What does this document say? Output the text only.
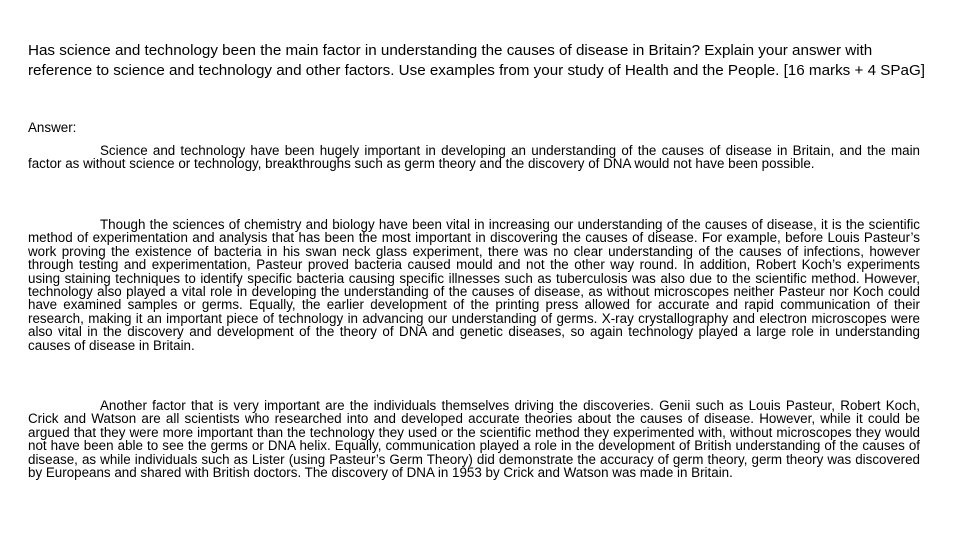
Has science and technology been the main factor in understanding the causes of disease in Britain? Explain your answer with reference to science and technology and other factors. Use examples from your study of Health and the People. [16 marks + 4 SPaG]

Answer:

Science and technology have been hugely important in developing an understanding of the causes of disease in Britain, and the main factor as without science or technology, breakthroughs such as germ theory and the discovery of DNA would not have been possible.

Though the sciences of chemistry and biology have been vital in increasing our understanding of the causes of disease, it is the scientific method of experimentation and analysis that has been the most important in discovering the causes of disease. For example, before Louis Pasteur’s work proving the existence of bacteria in his swan neck glass experiment, there was no clear understanding of the causes of infections, however through testing and experimentation, Pasteur proved bacteria caused mould and not the other way round. In addition, Robert Koch’s experiments using staining techniques to identify specific bacteria causing specific illnesses such as tuberculosis was also due to the scientific method. However, technology also played a vital role in developing the understanding of the causes of disease, as without microscopes neither Pasteur nor Koch could have examined samples or germs. Equally, the earlier development of the printing press allowed for accurate and rapid communication of their research, making it an important piece of technology in advancing our understanding of germs. X-ray crystallography and electron microscopes were also vital in the discovery and development of the theory of DNA and genetic diseases, so again technology played a large role in understanding causes of disease in Britain.

Another factor that is very important are the individuals themselves driving the discoveries. Genii such as Louis Pasteur, Robert Koch, Crick and Watson are all scientists who researched into and developed accurate theories about the causes of disease. However, while it could be argued that they were more important than the technology they used or the scientific method they experimented with, without microscopes they would not have been able to see the germs or DNA helix. Equally, communication played a role in the development of British understanding of the causes of disease, as while individuals such as Lister (using Pasteur’s Germ Theory) did demonstrate the accuracy of germ theory, germ theory was discovered by Europeans and shared with British doctors. The discovery of DNA in 1953 by Crick and Watson was made in Britain.
